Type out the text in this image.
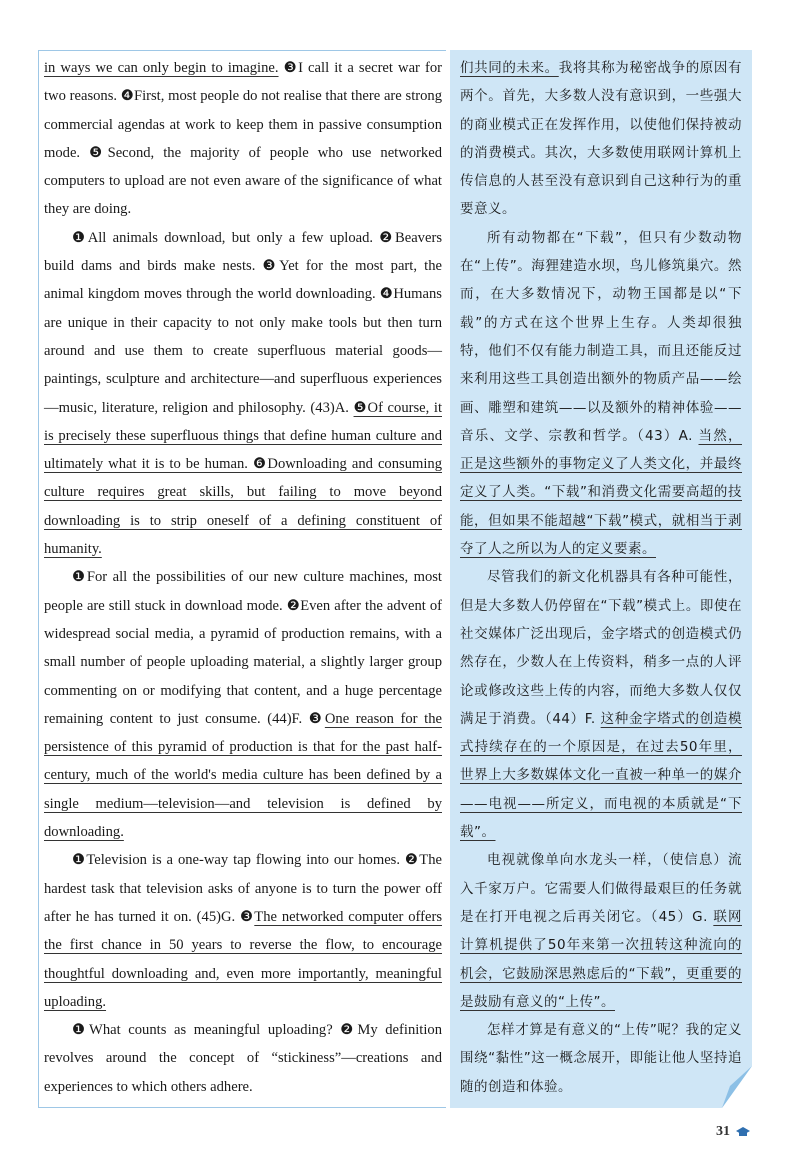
in ways we can only begin to imagine. ❸I call it a secret war for two reasons. ❹First, most people do not realise that there are strong commercial agendas at work to keep them in passive consumption mode. ❺Second, the majority of people who use networked computers to upload are not even aware of the significance of what they are doing.

❶All animals download, but only a few upload. ❷Beavers build dams and birds make nests. ❸Yet for the most part, the animal kingdom moves through the world downloading. ❹Humans are unique in their capacity to not only make tools but then turn around and use them to create superfluous material goods—paintings, sculpture and architecture—and superfluous experiences—music, literature, religion and philosophy. (43)A. ❺Of course, it is precisely these superfluous things that define human culture and ultimately what it is to be human. ❻Downloading and consuming culture requires great skills, but failing to move beyond downloading is to strip oneself of a defining constituent of humanity.

❶For all the possibilities of our new culture machines, most people are still stuck in download mode. ❷Even after the advent of widespread social media, a pyramid of production remains, with a small number of people uploading material, a slightly larger group commenting on or modifying that content, and a huge percentage remaining content to just consume. (44)F. ❸One reason for the persistence of this pyramid of production is that for the past half-century, much of the world's media culture has been defined by a single medium—television—and television is defined by downloading.

❶Television is a one-way tap flowing into our homes. ❷The hardest task that television asks of anyone is to turn the power off after he has turned it on. (45)G. ❸The networked computer offers the first chance in 50 years to reverse the flow, to encourage thoughtful downloading and, even more importantly, meaningful uploading.

❶What counts as meaningful uploading? ❷My definition revolves around the concept of “stickiness”—creations and experiences to which others adhere.

们共同的未来。我将其称为秘密战争的原因有两个。首先，大多数人没有意识到，一些强大的商业模式正在发挥作用，以使他们保持被动的消费模式。其次，大多数使用联网计算机上传信息的人甚至没有意识到自己这种行为的重要意义。

所有动物都在“下载”，但只有少数动物在“上传”。海狸建造水坝，鸟儿修筑巢穴。然而，在大多数情况下，动物王国都是以“下载”的方式在这个世界上生存。人类却很独特，他们不仅有能力制造工具，而且还能反过来利用这些工具创造出额外的物质产品——绘画、雕塑和建筑——以及额外的精神体验——音乐、文学、宗教和哲学。（43）A. 当然，正是这些额外的事物定义了人类文化，并最终定义了人类。“下载”和消费文化需要高超的技能，但如果不能超越“下载”模式，就相当于剥夺了人之所以为人的定义要素。

尽管我们的新文化机器具有各种可能性，但是大多数人仍停留在“下载”模式上。即使在社交媒体广泛出现后，金字塔式的创造模式仍然存在，少数人在上传资料，稍多一点的人评论或修改这些上传的内容，而绝大多数人仅仅满足于消费。（44）F. 这种金字塔式的创造模式持续存在的一个原因是，在过去50年里，世界上大多数媒体文化一直被一种单一的媒介——电视——所定义，而电视的本质就是“下载”。

电视就像单向水龙头一样，（使信息）流入千家万户。它需要人们做得最艰巨的任务就是在打开电视之后再关闭它。（45）G. 联网计算机提供了50年来第一次扭转这种流向的机会，它鼓励深思熟虑后的“下载”，更重要的是鼓励有意义的“上传”。

怎样才算是有意义的“上传”呢？我的定义围绕“黏性”这一概念展开，即能让他人坚持追随的创造和体验。

31
